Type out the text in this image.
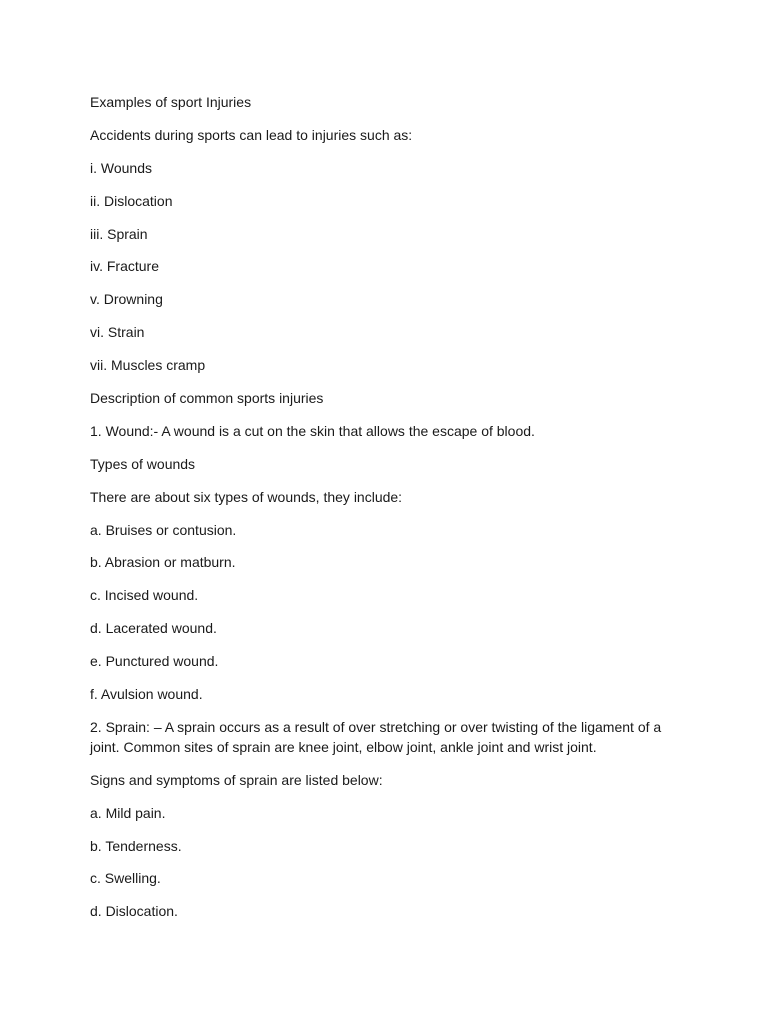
Examples of sport Injuries

Accidents during sports can lead to injuries such as:

i. Wounds

ii. Dislocation

iii. Sprain

iv. Fracture

v. Drowning

vi. Strain

vii. Muscles cramp

Description of common sports injuries

1. Wound:- A wound is a cut on the skin that allows the escape of blood.

Types of wounds

There are about six types of wounds, they include:

a. Bruises or contusion.

b. Abrasion or matburn.

c. Incised wound.

d. Lacerated wound.

e. Punctured wound.

f. Avulsion wound.

2. Sprain: – A sprain occurs as a result of over stretching or over twisting of the ligament of a joint. Common sites of sprain are knee joint, elbow joint, ankle joint and wrist joint.

Signs and symptoms of sprain are listed below:

a. Mild pain.

b. Tenderness.

c. Swelling.

d. Dislocation.
